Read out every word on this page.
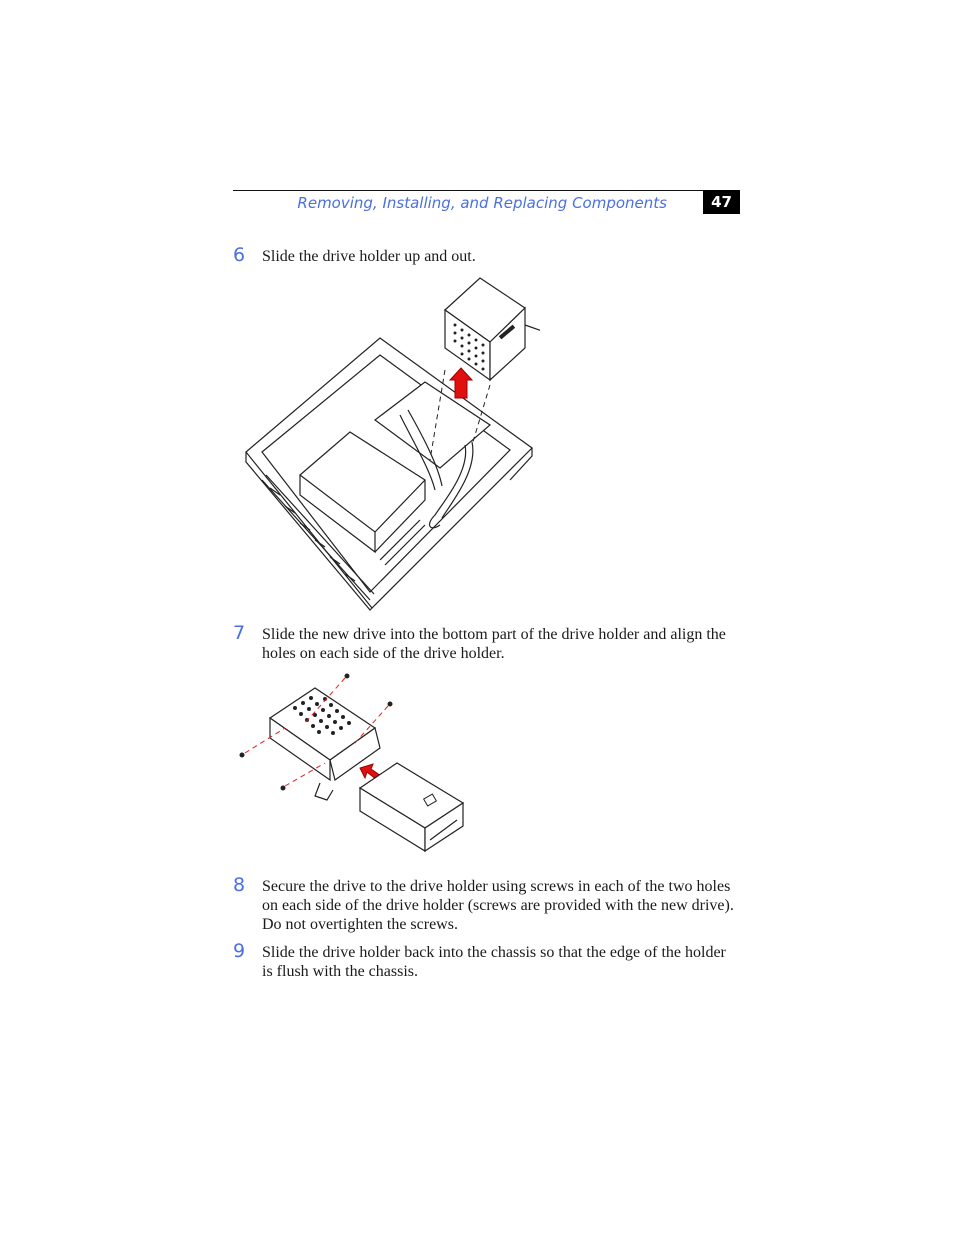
Removing, Installing, and Replacing Components	47
6 Slide the drive holder up and out.
7 Slide the new drive into the bottom part of the drive holder and align the holes on each side of the drive holder.
8 Secure the drive to the drive holder using screws in each of the two holes on each side of the drive holder (screws are provided with the new drive). Do not overtighten the screws.
9 Slide the drive holder back into the chassis so that the edge of the holder is flush with the chassis.
